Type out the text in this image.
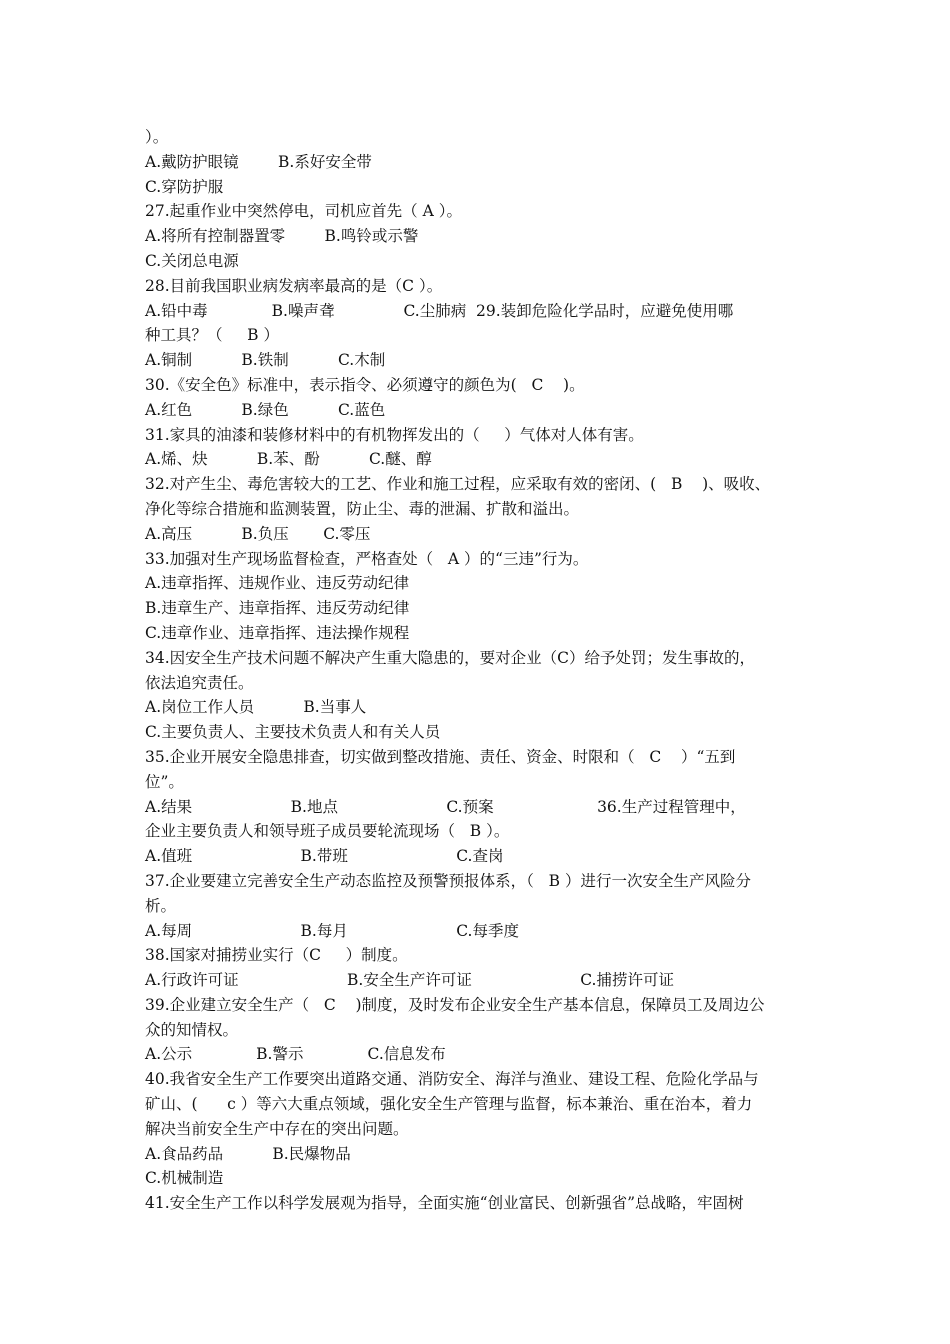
）。
A.戴防护眼镜        B.系好安全带
C.穿防护服
27.起重作业中突然停电，司机应首先（ A ）。
A.将所有控制器置零        B.鸣铃或示警
C.关闭总电源
28.目前我国职业病发病率最高的是（C ）。
A.铅中毒             B.噪声聋              C.尘肺病  29.装卸危险化学品时，应避免使用哪
种工具？（     B ）
A.铜制          B.铁制          C.木制
30.《安全色》标准中，表示指令、必须遵守的颜色为(   C    )。
A.红色          B.绿色          C.蓝色
31.家具的油漆和装修材料中的有机物挥发出的（     ）气体对人体有害。
A.烯、炔          B.苯、酚          C.醚、醇
32.对产生尘、毒危害较大的工艺、作业和施工过程，应采取有效的密闭、(   B    )、吸收、
净化等综合措施和监测装置，防止尘、毒的泄漏、扩散和溢出。
A.高压          B.负压       C.零压
33.加强对生产现场监督检查，严格查处（   A ）的“三违”行为。
A.违章指挥、违规作业、违反劳动纪律
B.违章生产、违章指挥、违反劳动纪律
C.违章作业、违章指挥、违法操作规程
34.因安全生产技术问题不解决产生重大隐患的，要对企业（C）给予处罚；发生事故的，
依法追究责任。
A.岗位工作人员          B.当事人
C.主要负责人、主要技术负责人和有关人员
35.企业开展安全隐患排查，切实做到整改措施、责任、资金、时限和（   C    ）“五到
位”。
A.结果                    B.地点                      C.预案                     36.生产过程管理中，
企业主要负责人和领导班子成员要轮流现场（   B ）。
A.值班                      B.带班                      C.查岗
37.企业要建立完善安全生产动态监控及预警预报体系，（   B ）进行一次安全生产风险分
析。
A.每周                      B.每月                      C.每季度
38.国家对捕捞业实行（C     ）制度。
A.行政许可证                      B.安全生产许可证                      C.捕捞许可证
39.企业建立安全生产（   C    )制度，及时发布企业安全生产基本信息，保障员工及周边公
众的知情权。
A.公示             B.警示             C.信息发布
40.我省安全生产工作要突出道路交通、消防安全、海洋与渔业、建设工程、危险化学品与
矿山、(      c ）等六大重点领域，强化安全生产管理与监督，标本兼治、重在治本，着力
解决当前安全生产中存在的突出问题。
A.食品药品          B.民爆物品
C.机械制造
41.安全生产工作以科学发展观为指导，全面实施“创业富民、创新强省”总战略，牢固树
